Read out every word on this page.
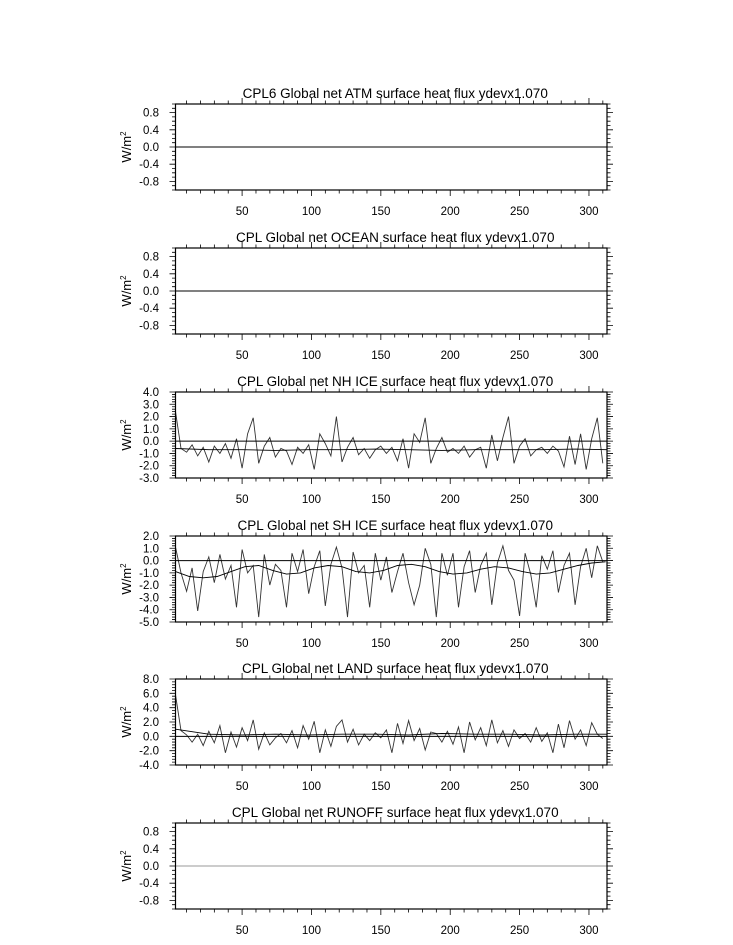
CPL6 Global net ATM surface heat flux ydevx1.070
$W/m^2$
50	100	150	200	250	300
0.8
0.4
0.0
-0.4
-0.8
CPL Global net OCEAN surface heat flux ydevx1.070
$W/m^2$
50	100	150	200	250	300
0.8
0.4
0.0
-0.4
-0.8
CPL Global net NH ICE surface heat flux ydevx1.070
$W/m^2$
50	100	150	200	250	300
4.0
3.0
2.0
1.0
0.0
-1.0
-2.0
-3.0
CPL Global net SH ICE surface heat flux ydevx1.070
$W/m^2$
50	100	150	200	250	300
2.0
1.0
0.0
-1.0
-2.0
-3.0
-4.0
-5.0
CPL Global net LAND surface heat flux ydevx1.070
$W/m^2$
50	100	150	200	250	300
8.0
6.0
4.0
2.0
0.0
-2.0
-4.0
CPL Global net RUNOFF surface heat flux ydevx1.070
$W/m^2$
50	100	150	200	250	300
0.8
0.4
0.0
-0.4
-0.8
